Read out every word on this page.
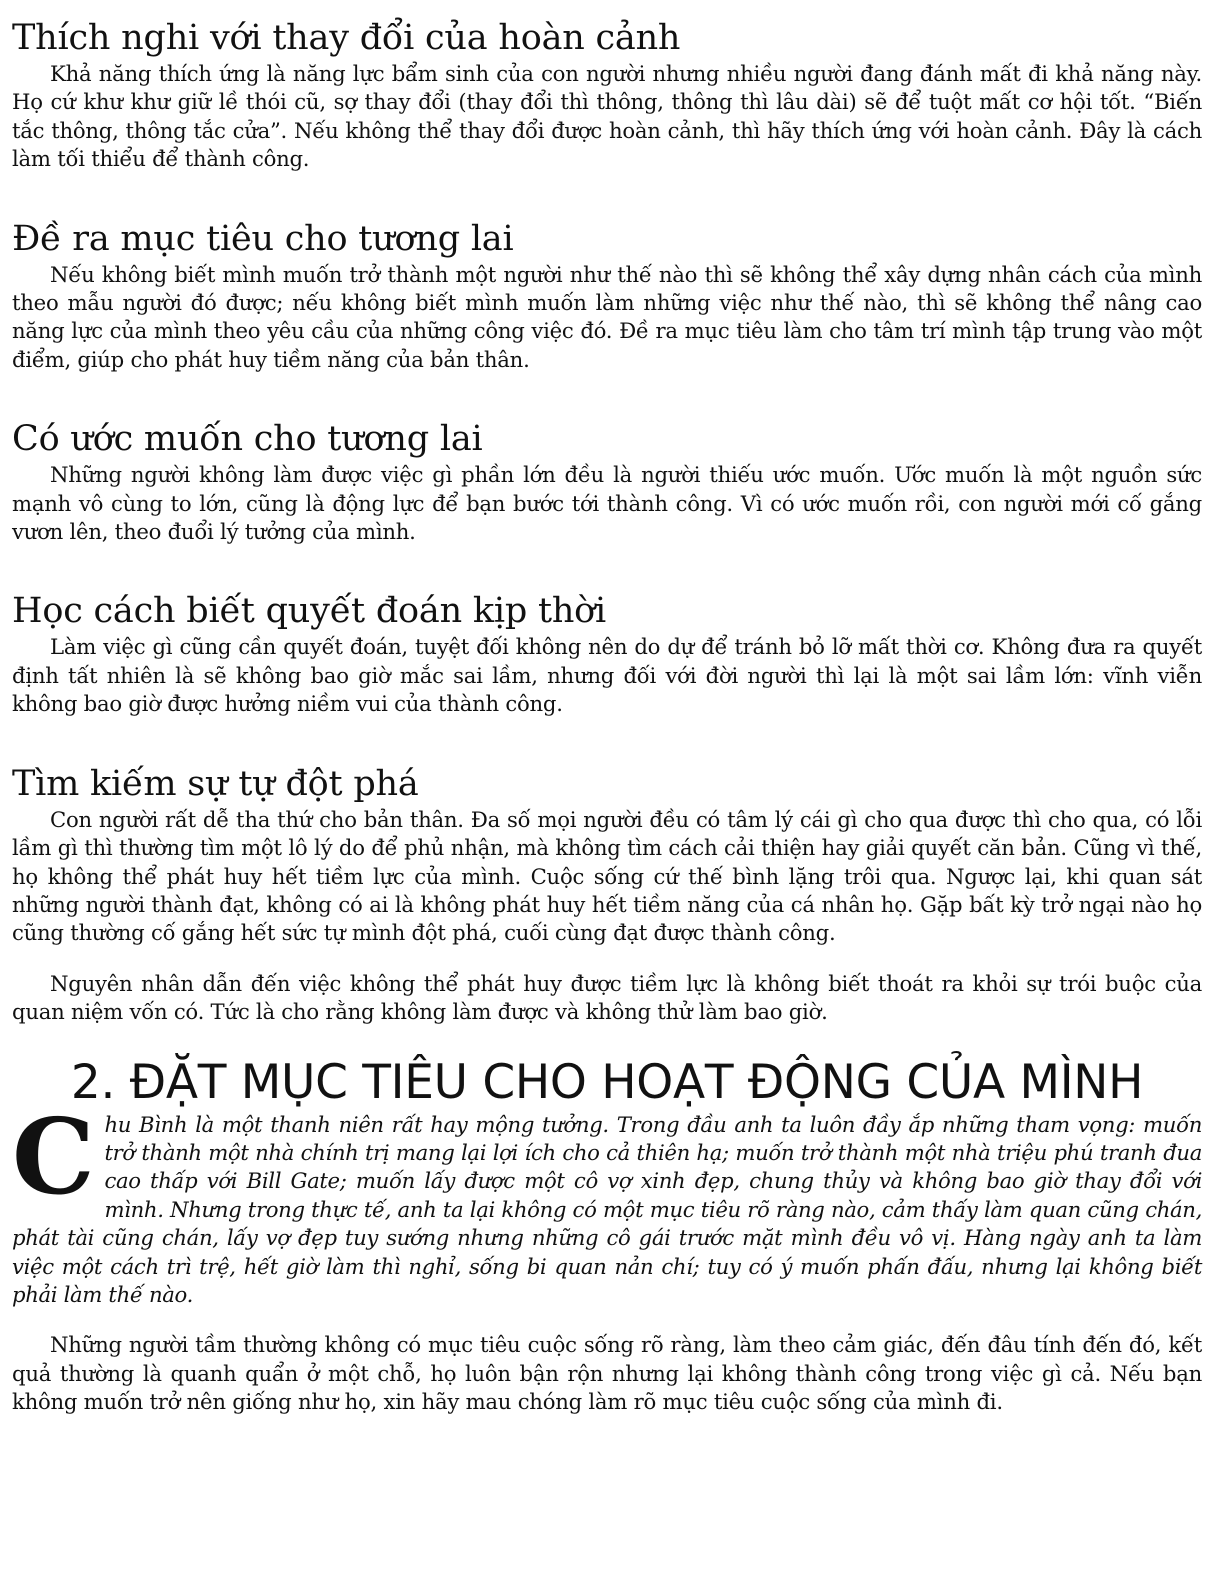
Thích nghi với thay đổi của hoàn cảnh

Khả năng thích ứng là năng lực bẩm sinh của con người nhưng nhiều người đang đánh mất đi khả năng này. Họ cứ khư khư giữ lề thói cũ, sợ thay đổi (thay đổi thì thông, thông thì lâu dài) sẽ để tuột mất cơ hội tốt. “Biến tắc thông, thông tắc cửa”. Nếu không thể thay đổi được hoàn cảnh, thì hãy thích ứng với hoàn cảnh. Đây là cách làm tối thiểu để thành công.

Đề ra mục tiêu cho tương lai

Nếu không biết mình muốn trở thành một người như thế nào thì sẽ không thể xây dựng nhân cách của mình theo mẫu người đó được; nếu không biết mình muốn làm những việc như thế nào, thì sẽ không thể nâng cao năng lực của mình theo yêu cầu của những công việc đó. Đề ra mục tiêu làm cho tâm trí mình tập trung vào một điểm, giúp cho phát huy tiềm năng của bản thân.

Có ước muốn cho tương lai

Những người không làm được việc gì phần lớn đều là người thiếu ước muốn. Ước muốn là một nguồn sức mạnh vô cùng to lớn, cũng là động lực để bạn bước tới thành công. Vì có ước muốn rồi, con người mới cố gắng vươn lên, theo đuổi lý tưởng của mình.

Học cách biết quyết đoán kịp thời

Làm việc gì cũng cần quyết đoán, tuyệt đối không nên do dự để tránh bỏ lỡ mất thời cơ. Không đưa ra quyết định tất nhiên là sẽ không bao giờ mắc sai lầm, nhưng đối với đời người thì lại là một sai lầm lớn: vĩnh viễn không bao giờ được hưởng niềm vui của thành công.

Tìm kiếm sự tự đột phá

Con người rất dễ tha thứ cho bản thân. Đa số mọi người đều có tâm lý cái gì cho qua được thì cho qua, có lỗi lầm gì thì thường tìm một lô lý do để phủ nhận, mà không tìm cách cải thiện hay giải quyết căn bản. Cũng vì thế, họ không thể phát huy hết tiềm lực của mình. Cuộc sống cứ thế bình lặng trôi qua. Ngược lại, khi quan sát những người thành đạt, không có ai là không phát huy hết tiềm năng của cá nhân họ. Gặp bất kỳ trở ngại nào họ cũng thường cố gắng hết sức tự mình đột phá, cuối cùng đạt được thành công.

Nguyên nhân dẫn đến việc không thể phát huy được tiềm lực là không biết thoát ra khỏi sự trói buộc của quan niệm vốn có. Tức là cho rằng không làm được và không thử làm bao giờ.

2. ĐẶT MỤC TIÊU CHO HOẠT ĐỘNG CỦA MÌNH

Chu Bình là một thanh niên rất hay mộng tưởng. Trong đầu anh ta luôn đầy ắp những tham vọng: muốn trở thành một nhà chính trị mang lại lợi ích cho cả thiên hạ; muốn trở thành một nhà triệu phú tranh đua cao thấp với Bill Gate; muốn lấy được một cô vợ xinh đẹp, chung thủy và không bao giờ thay đổi với mình. Nhưng trong thực tế, anh ta lại không có một mục tiêu rõ ràng nào, cảm thấy làm quan cũng chán, phát tài cũng chán, lấy vợ đẹp tuy sướng nhưng những cô gái trước mặt mình đều vô vị. Hàng ngày anh ta làm việc một cách trì trệ, hết giờ làm thì nghỉ, sống bi quan nản chí; tuy có ý muốn phấn đấu, nhưng lại không biết phải làm thế nào.

Những người tầm thường không có mục tiêu cuộc sống rõ ràng, làm theo cảm giác, đến đâu tính đến đó, kết quả thường là quanh quẩn ở một chỗ, họ luôn bận rộn nhưng lại không thành công trong việc gì cả. Nếu bạn không muốn trở nên giống như họ, xin hãy mau chóng làm rõ mục tiêu cuộc sống của mình đi.
